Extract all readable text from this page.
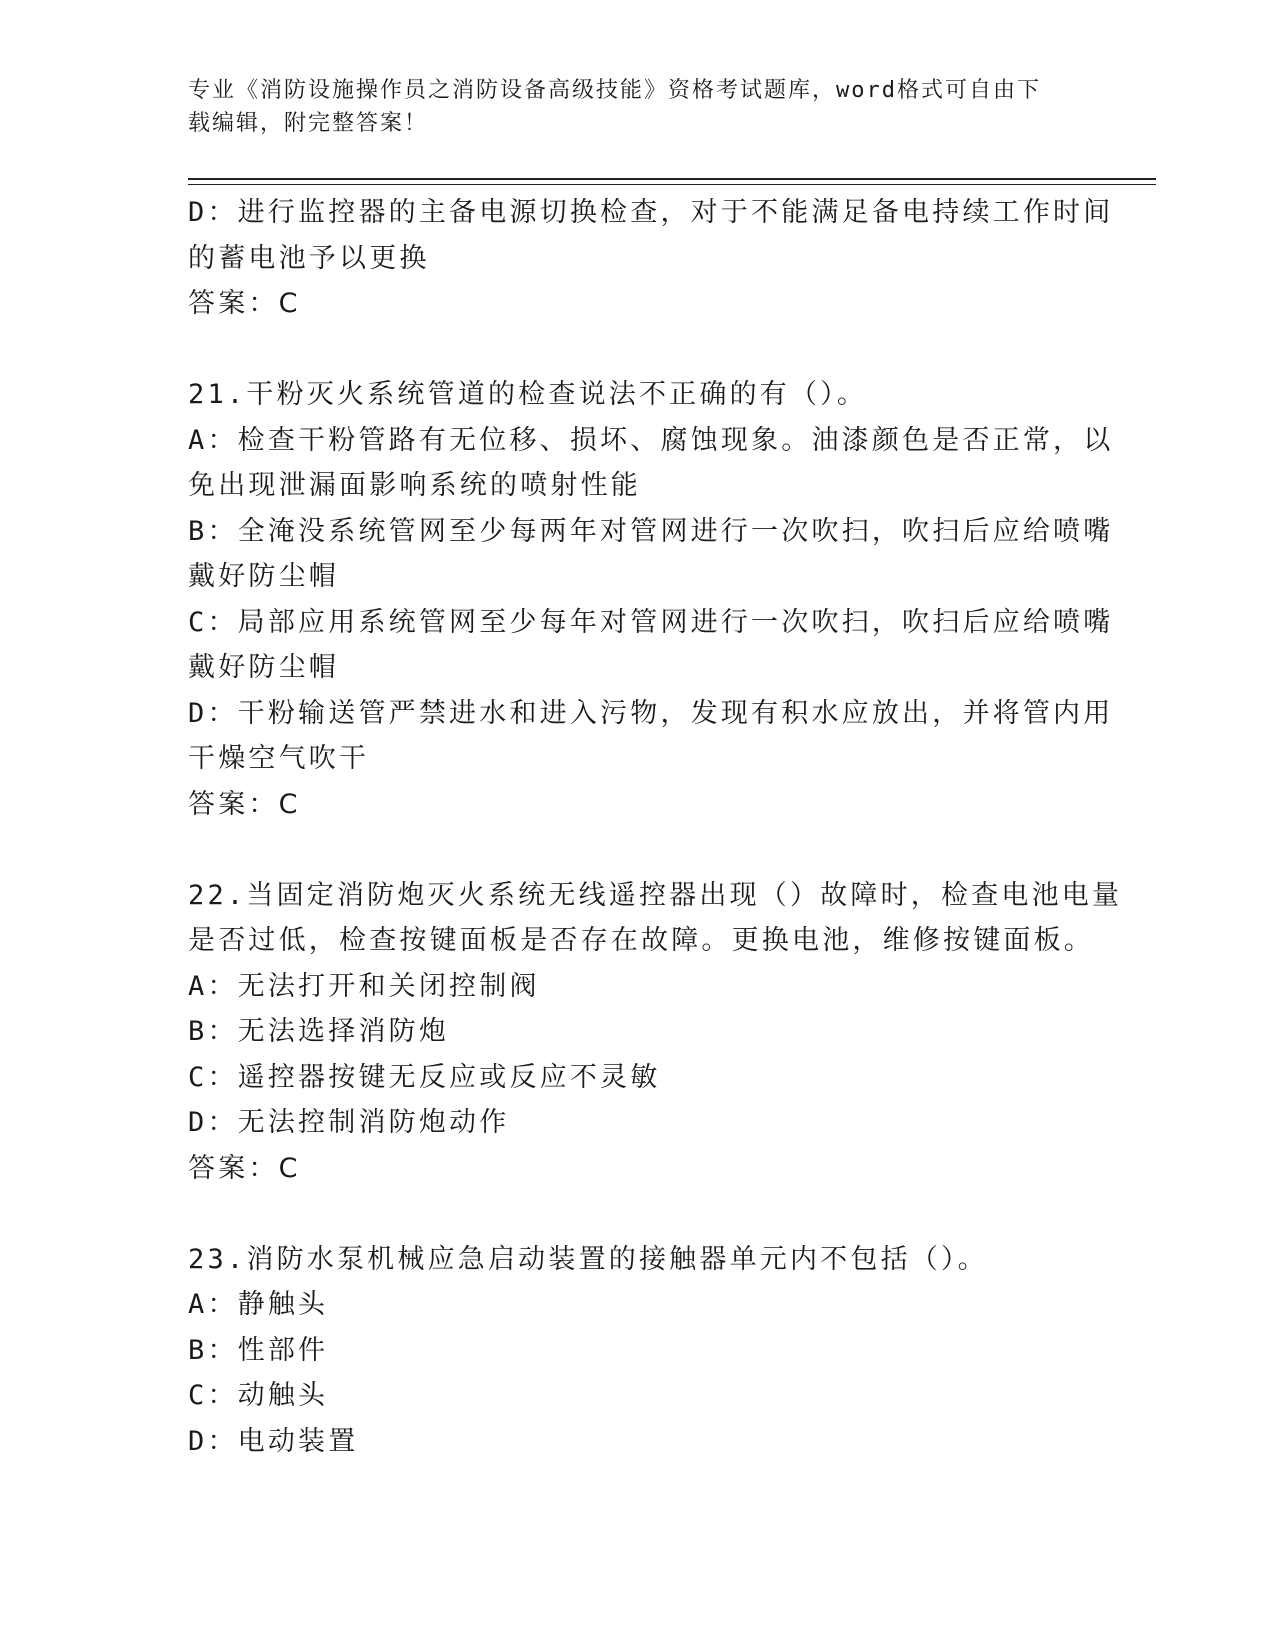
专业《消防设施操作员之消防设备高级技能》资格考试题库，word格式可自由下
载编辑，附完整答案！
D：进行监控器的主备电源切换检查，对于不能满足备电持续工作时间
的蓄电池予以更换
答案：C
21.干粉灭火系统管道的检查说法不正确的有（）。
A：检查干粉管路有无位移、损坏、腐蚀现象。油漆颜色是否正常，以
免出现泄漏面影响系统的喷射性能
B：全淹没系统管网至少每两年对管网进行一次吹扫，吹扫后应给喷嘴
戴好防尘帽
C：局部应用系统管网至少每年对管网进行一次吹扫，吹扫后应给喷嘴
戴好防尘帽
D：干粉输送管严禁进水和进入污物，发现有积水应放出，并将管内用
干燥空气吹干
答案：C
22.当固定消防炮灭火系统无线遥控器出现（）故障时，检查电池电量
是否过低，检查按键面板是否存在故障。更换电池，维修按键面板。
A：无法打开和关闭控制阀
B：无法选择消防炮
C：遥控器按键无反应或反应不灵敏
D：无法控制消防炮动作
答案：C
23.消防水泵机械应急启动装置的接触器单元内不包括（）。
A：静触头
B：性部件
C：动触头
D：电动装置
